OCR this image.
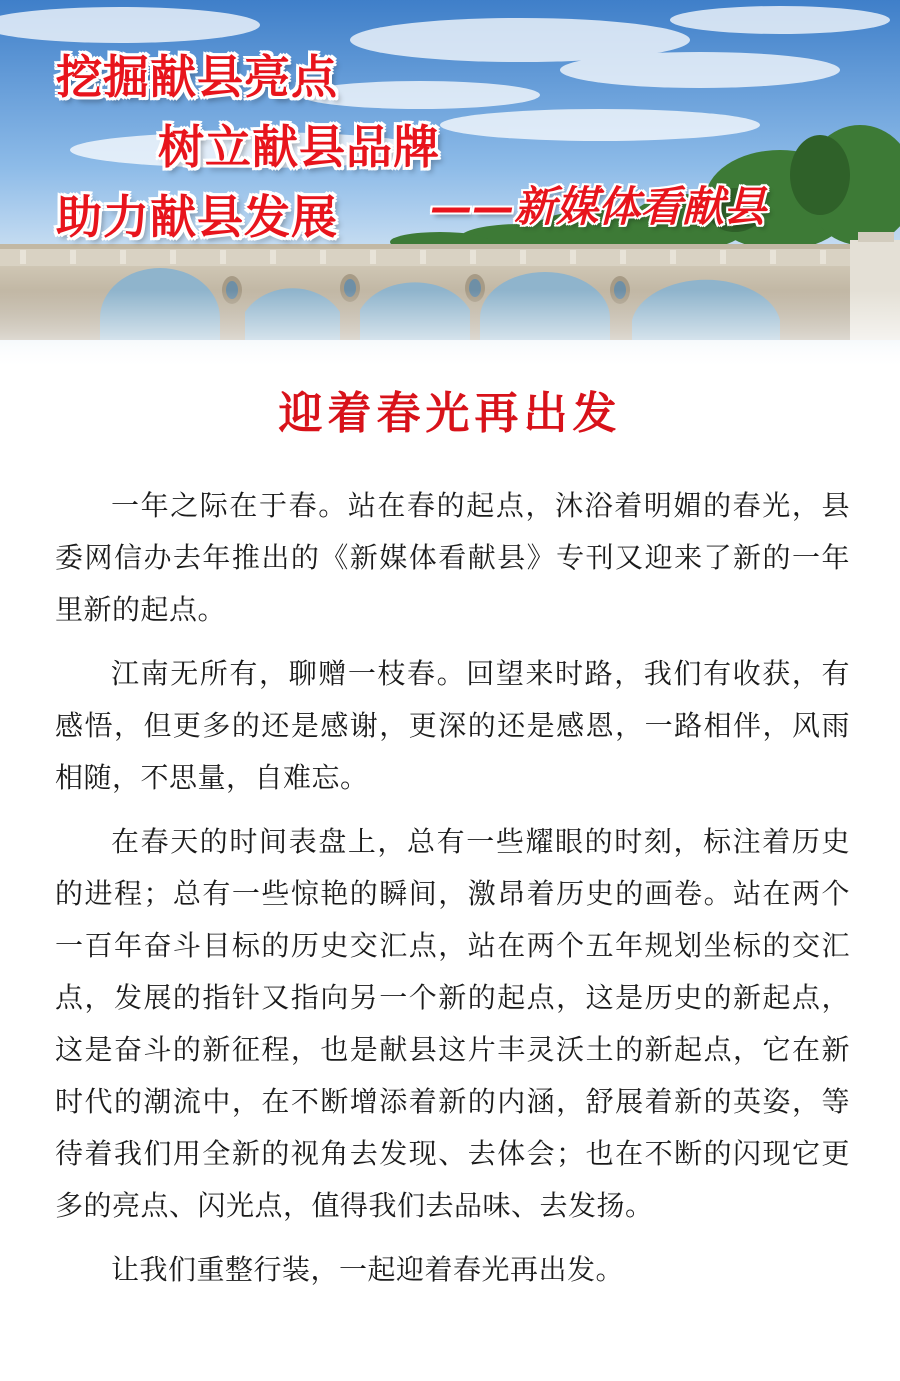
挖掘献县亮点
树立献县品牌
助力献县发展 ——新媒体看献县
迎着春光再出发

一年之际在于春。站在春的起点，沐浴着明媚的春光，县委网信办去年推出的《新媒体看献县》专刊又迎来了新的一年里新的起点。

江南无所有，聊赠一枝春。回望来时路，我们有收获，有感悟，但更多的还是感谢，更深的还是感恩，一路相伴，风雨相随，不思量，自难忘。

在春天的时间表盘上，总有一些耀眼的时刻，标注着历史的进程；总有一些惊艳的瞬间，激昂着历史的画卷。站在两个一百年奋斗目标的历史交汇点，站在两个五年规划坐标的交汇点，发展的指针又指向另一个新的起点，这是历史的新起点，这是奋斗的新征程，也是献县这片丰灵沃土的新起点，它在新时代的潮流中，在不断增添着新的内涵，舒展着新的英姿，等待着我们用全新的视角去发现、去体会；也在不断的闪现它更多的亮点、闪光点，值得我们去品味、去发扬。

让我们重整行装，一起迎着春光再出发。
